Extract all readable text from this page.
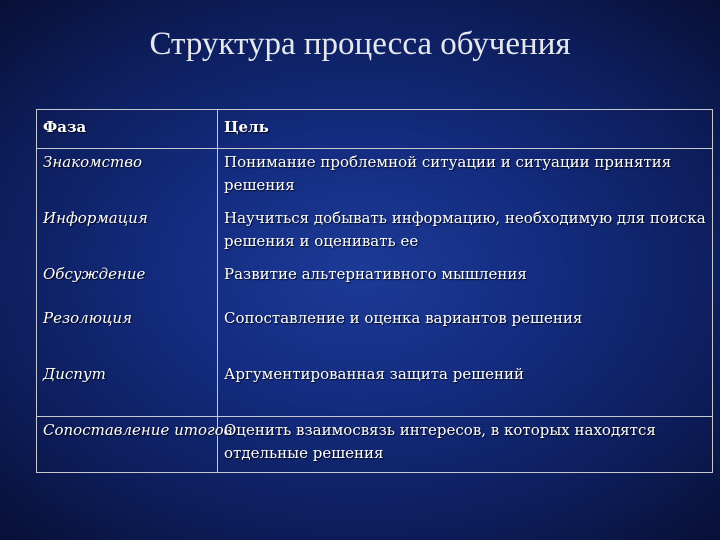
Структура процесса обучения
Фаза	Цель
Знакомство	Понимание проблемной ситуации и ситуации принятия решения
Информация	Научиться добывать информацию, необходимую для поиска решения и оценивать ее
Обсуждение	Развитие альтернативного мышления
Резолюция	Сопоставление и оценка вариантов решения
Диспут	Аргументированная защита решений
Сопоставление итогов	Оценить взаимосвязь интересов, в которых находятся отдельные решения
